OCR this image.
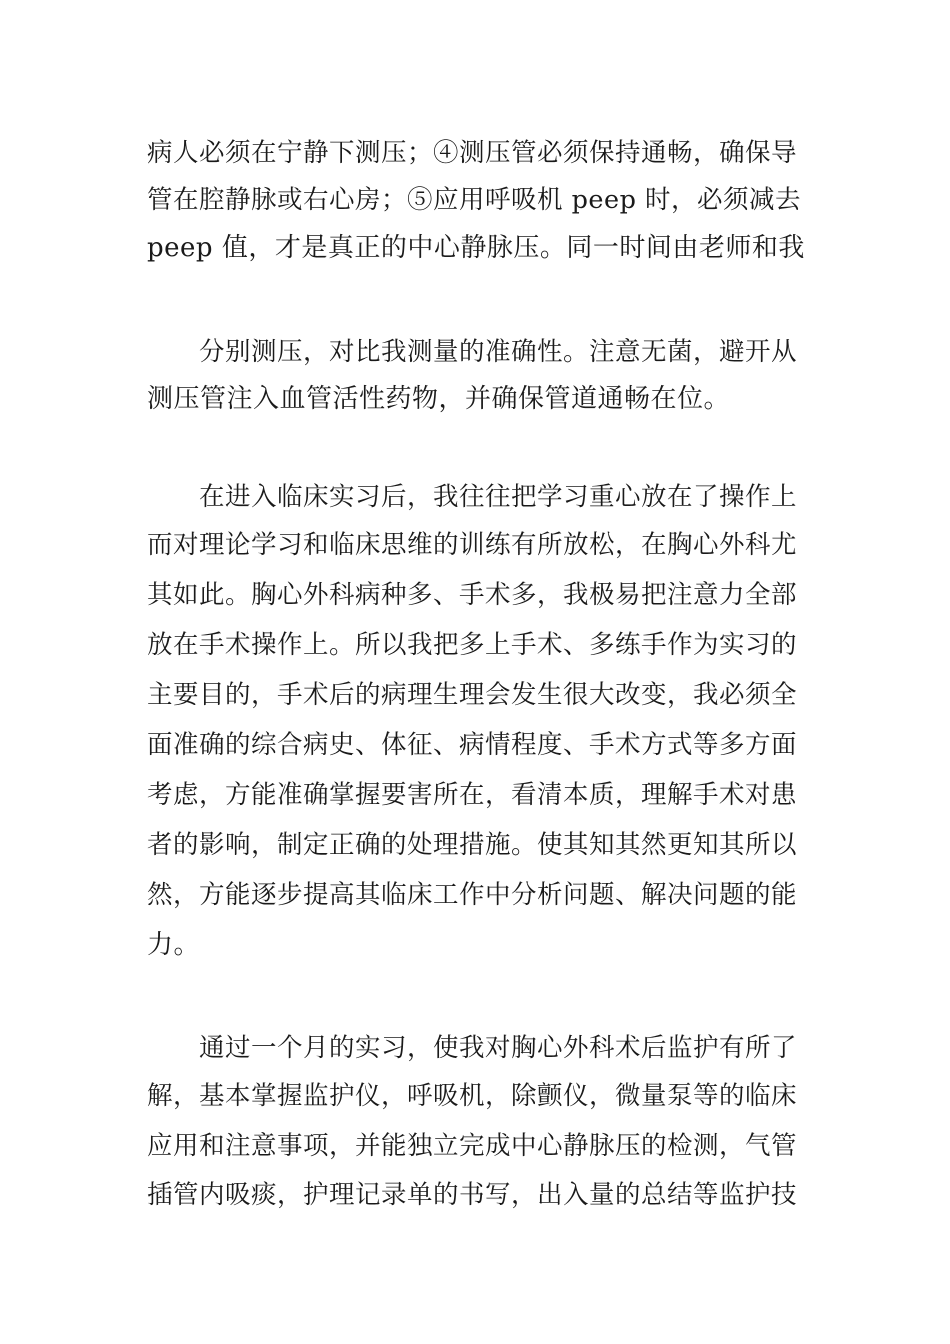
病人必须在宁静下测压；④测压管必须保持通畅，确保导
管在腔静脉或右心房；⑤应用呼吸机 peep 时，必须减去
peep 值，才是真正的中心静脉压。同一时间由老师和我
分别测压，对比我测量的准确性。注意无菌，避开从
测压管注入血管活性药物，并确保管道通畅在位。
在进入临床实习后，我往往把学习重心放在了操作上
而对理论学习和临床思维的训练有所放松，在胸心外科尤
其如此。胸心外科病种多、手术多，我极易把注意力全部
放在手术操作上。所以我把多上手术、多练手作为实习的
主要目的，手术后的病理生理会发生很大改变，我必须全
面准确的综合病史、体征、病情程度、手术方式等多方面
考虑，方能准确掌握要害所在，看清本质，理解手术对患
者的影响，制定正确的处理措施。使其知其然更知其所以
然，方能逐步提高其临床工作中分析问题、解决问题的能
力。
通过一个月的实习，使我对胸心外科术后监护有所了
解，基本掌握监护仪，呼吸机，除颤仪，微量泵等的临床
应用和注意事项，并能独立完成中心静脉压的检测，气管
插管内吸痰，护理记录单的书写，出入量的总结等监护技
